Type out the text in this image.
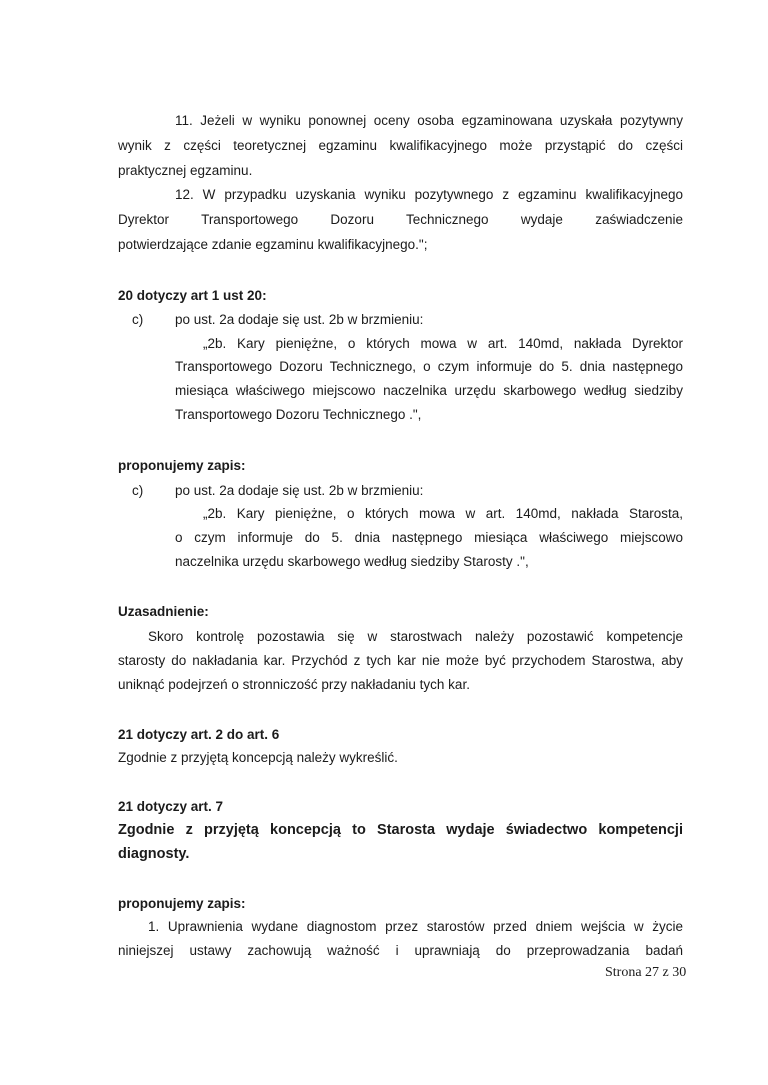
11. Jeżeli w wyniku ponownej oceny osoba egzaminowana uzyskała pozytywny
wynik z części teoretycznej egzaminu kwalifikacyjnego może przystąpić do części
praktycznej egzaminu.
12. W przypadku uzyskania wyniku pozytywnego z egzaminu kwalifikacyjnego
Dyrektor Transportowego Dozoru Technicznego wydaje zaświadczenie
potwierdzające zdanie egzaminu kwalifikacyjnego.";
20 dotyczy art 1 ust 20:
c) po ust. 2a dodaje się ust. 2b w brzmieniu:
„2b. Kary pieniężne, o których mowa w art. 140md, nakłada Dyrektor
Transportowego Dozoru Technicznego, o czym informuje do 5. dnia następnego
miesiąca właściwego miejscowo naczelnika urzędu skarbowego według siedziby
Transportowego Dozoru Technicznego .",
proponujemy zapis:
c) po ust. 2a dodaje się ust. 2b w brzmieniu:
„2b. Kary pieniężne, o których mowa w art. 140md, nakłada Starosta,
o czym informuje do 5. dnia następnego miesiąca właściwego miejscowo
naczelnika urzędu skarbowego według siedziby Starosty .",
Uzasadnienie:
Skoro kontrolę pozostawia się w starostwach należy pozostawić kompetencje
starosty do nakładania kar. Przychód z tych kar nie może być przychodem Starostwa, aby
uniknąć podejrzeń o stronniczość przy nakładaniu tych kar.
21 dotyczy art. 2 do art. 6
Zgodnie z przyjętą koncepcją należy wykreślić.
21 dotyczy art. 7
Zgodnie z przyjętą koncepcją to Starosta wydaje świadectwo kompetencji
diagnosty.
proponujemy zapis:
1. Uprawnienia wydane diagnostom przez starostów przed dniem wejścia w życie
niniejszej ustawy zachowują ważność i uprawniają do przeprowadzania badań
Strona 27 z 30
